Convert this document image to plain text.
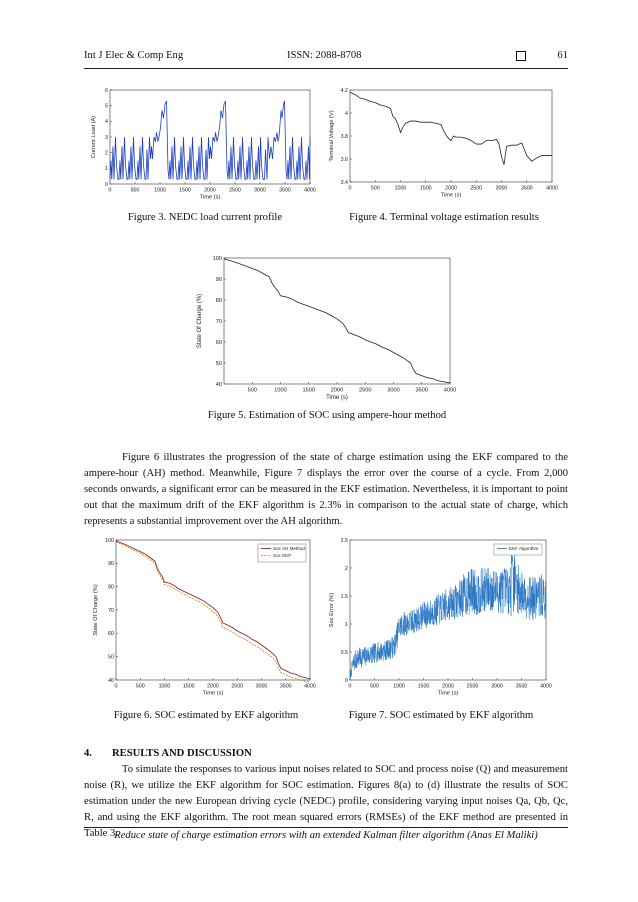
Int J Elec & Comp Eng	ISSN: 2088-8708	61
0	500	1000 1500 2000 2500 3000 3500 4000
0
1
2
3
4
5
6
Time (s)
Current Load (A)
Figure 3. NEDC load current profile
0	500	1000	1500	2000	2500	3000	3500	4000
3.4
3.6
3.8
4
4.2
Time (s)
Terminal Voltage (V)
Figure 4. Terminal voltage estimation results
500	1000	1500	2000	2500	3000	3500	4000
40
50
60
70
80
90
100
Time (s)
State Of Charge (%)
Figure 5. Estimation of SOC using ampere-hour method
Figure 6 illustrates the progression of the state of charge estimation using the EKF compared to the ampere-hour (AH) method. Meanwhile, Figure 7 displays the error over the course of a cycle. From 2,000 seconds onwards, a significant error can be measured in the EKF estimation. Nevertheless, it is important to point out that the maximum drift of the EKF algorithm is 2.3% in comparison to the actual state of charge, which represents a substantial improvement over the AH algorithm.
0	500	1000 1500 2000 2500 3000 3500 4000
40
50
60
70
80
90
100
Time (s)
State Of Charge (%)
Soc AH Method
Soc EKF
Figure 6. SOC estimated by EKF algorithm
0	500	1000 1500 2000 2500 3000 3500 4000
0
0.5
1
1.5
2
2.5
Time (s)
Soc Error (%)
EKF Algorithm
Figure 7. SOC estimated by EKF algorithm
4. RESULTS AND DISCUSSION
To simulate the responses to various input noises related to SOC and process noise (Q) and measurement noise (R), we utilize the EKF algorithm for SOC estimation. Figures 8(a) to (d) illustrate the results of SOC estimation under the new European driving cycle (NEDC) profile, considering varying input noises Qa, Qb, Qc, R, and using the EKF algorithm. The root mean squared errors (RMSEs) of the EKF method are presented in Table 3.
Reduce state of charge estimation errors with an extended Kalman filter algorithm (Anas El Maliki)
